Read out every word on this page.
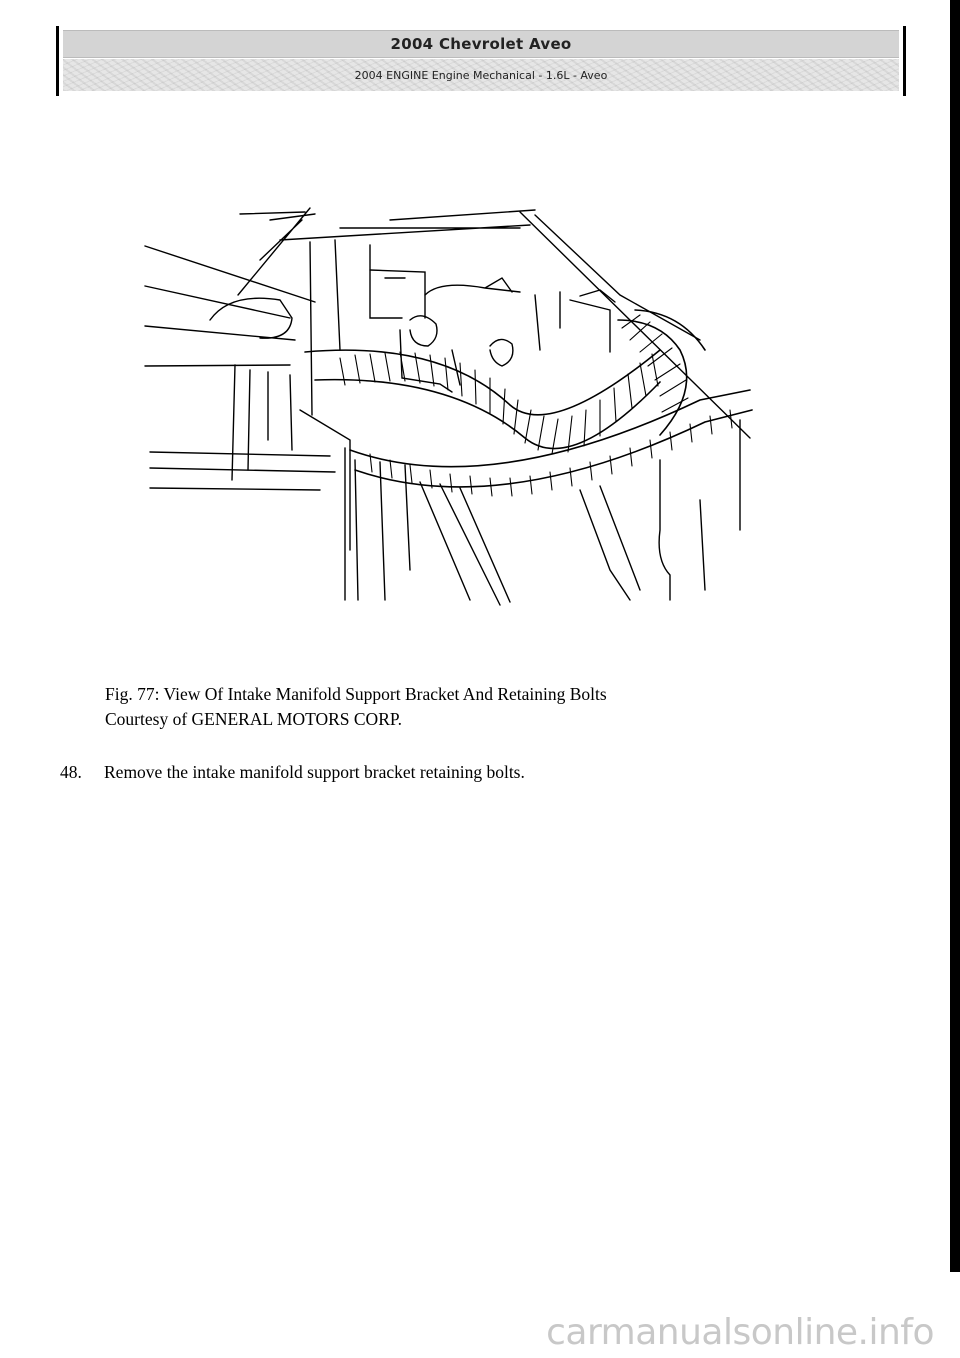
2004 Chevrolet Aveo
2004 ENGINE Engine Mechanical - 1.6L - Aveo
Fig. 77: View Of Intake Manifold Support Bracket And Retaining Bolts
Courtesy of GENERAL MOTORS CORP.
48. Remove the intake manifold support bracket retaining bolts.
carmanualsonline.info
